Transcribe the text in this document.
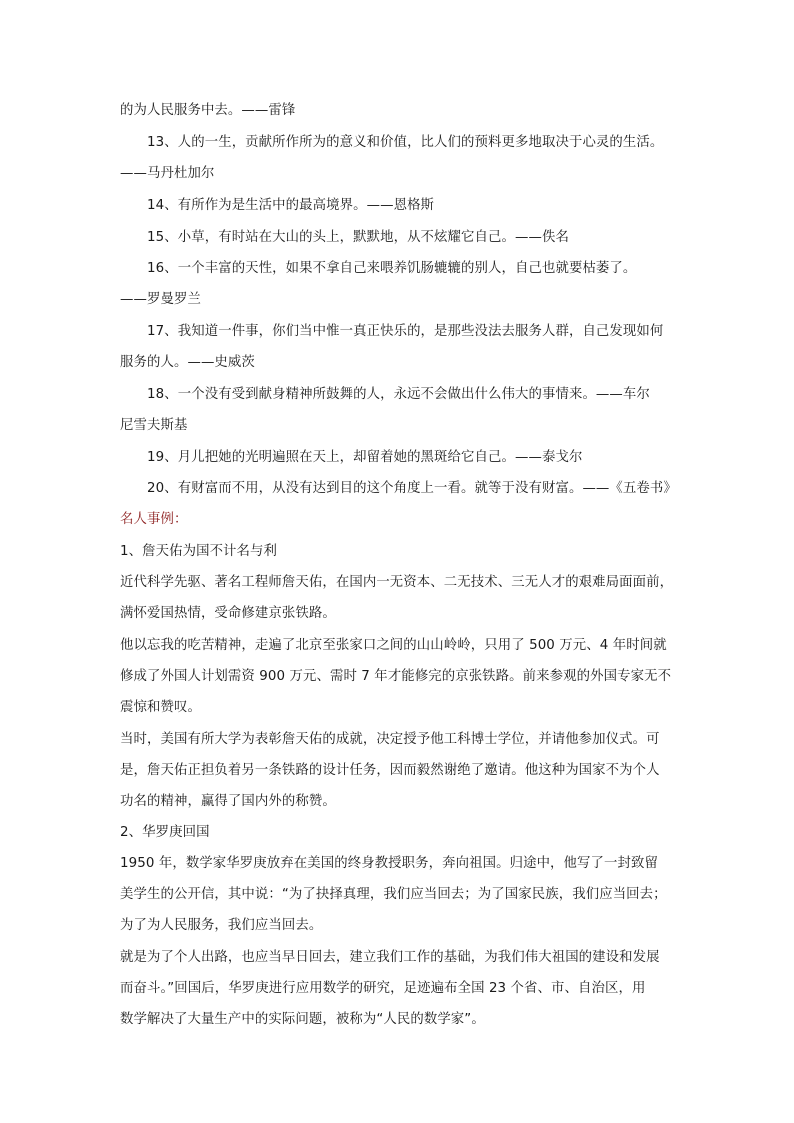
的为人民服务中去。——雷锋
13、人的一生，贡献所作所为的意义和价值，比人们的预料更多地取决于心灵的生活。
——马丹杜加尔
14、有所作为是生活中的最高境界。——恩格斯
15、小草，有时站在大山的头上，默默地，从不炫耀它自己。——佚名
16、一个丰富的天性，如果不拿自己来喂养饥肠辘辘的别人，自己也就要枯萎了。
——罗曼罗兰
17、我知道一件事，你们当中惟一真正快乐的，是那些没法去服务人群，自己发现如何
服务的人。——史威茨
18、一个没有受到献身精神所鼓舞的人，永远不会做出什么伟大的事情来。——车尔
尼雪夫斯基
19、月儿把她的光明遍照在天上，却留着她的黑斑给它自己。——泰戈尔
20、有财富而不用，从没有达到目的这个角度上一看。就等于没有财富。——《五卷书》
名人事例：
1、詹天佑为国不计名与利
近代科学先驱、著名工程师詹天佑，在国内一无资本、二无技术、三无人才的艰难局面面前，
满怀爱国热情，受命修建京张铁路。
他以忘我的吃苦精神，走遍了北京至张家口之间的山山岭岭，只用了 500 万元、4 年时间就
修成了外国人计划需资 900 万元、需时 7 年才能修完的京张铁路。前来参观的外国专家无不
震惊和赞叹。
当时，美国有所大学为表彰詹天佑的成就，决定授予他工科博士学位，并请他参加仪式。可
是，詹天佑正担负着另一条铁路的设计任务，因而毅然谢绝了邀请。他这种为国家不为个人
功名的精神，赢得了国内外的称赞。
2、华罗庚回国
1950 年，数学家华罗庚放弃在美国的终身教授职务，奔向祖国。归途中，他写了一封致留
美学生的公开信，其中说：“为了抉择真理，我们应当回去；为了国家民族，我们应当回去；
为了为人民服务，我们应当回去。
就是为了个人出路，也应当早日回去，建立我们工作的基础，为我们伟大祖国的建设和发展
而奋斗。”回国后，华罗庚进行应用数学的研究，足迹遍布全国 23 个省、市、自治区，用
数学解决了大量生产中的实际问题，被称为“人民的数学家”。
